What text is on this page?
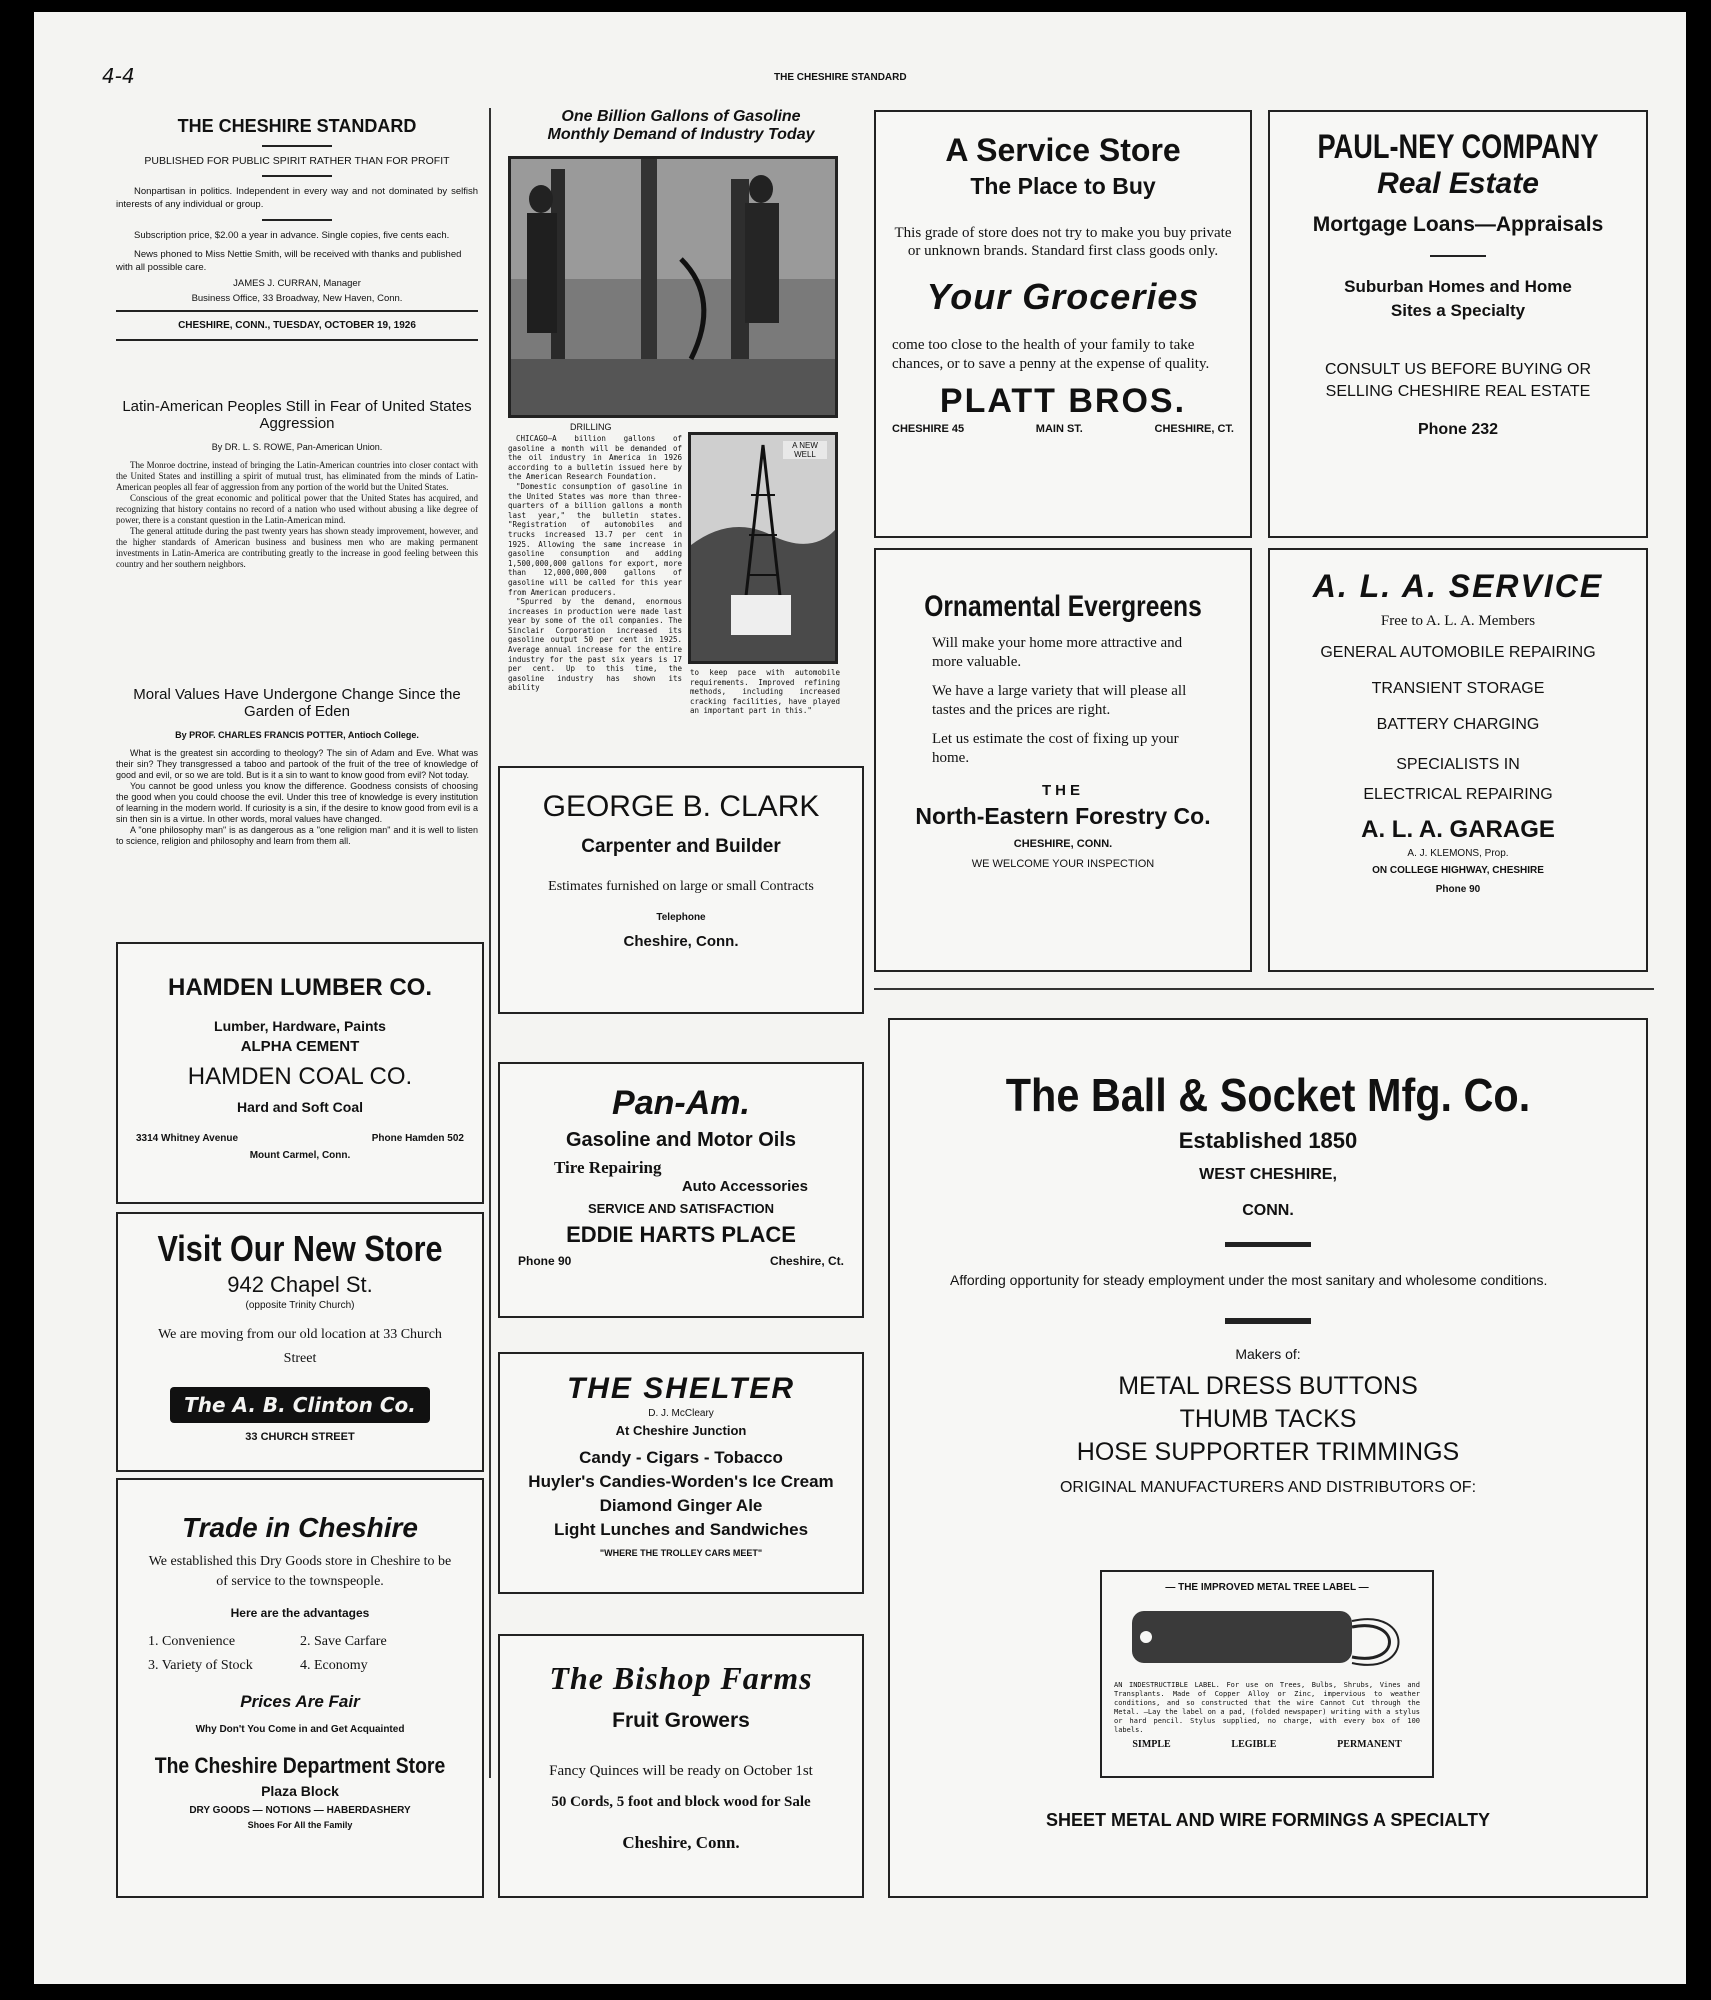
4-4	THE CHESHIRE STANDARD
THE CHESHIRE STANDARD
PUBLISHED FOR PUBLIC SPIRIT RATHER THAN FOR PROFIT

Nonpartisan in politics. Independent in every way and not dominated by selfish interests of any individual or group.

Subscription price, $2.00 a year in advance. Single copies, five cents each.

News phoned to Miss Nettie Smith, will be received with thanks and published with all possible care.

JAMES J. CURRAN, Manager
Business Office, 33 Broadway, New Haven, Conn.
CHESHIRE, CONN., TUESDAY, OCTOBER 19, 1926
Latin-American Peoples Still in Fear of United States Aggression
By DR. L. S. ROWE, Pan-American Union.

The Monroe doctrine, instead of bringing the Latin-American countries into closer contact with the United States and instilling a spirit of mutual trust, has eliminated from the minds of Latin-American peoples all fear of aggression from any portion of the world but the United States.

Conscious of the great economic and political power that the United States has acquired, and recognizing that history contains no record of a nation who used without abusing a like degree of power, there is a constant question in the Latin-American mind.

The general attitude during the past twenty years has shown steady improvement, however, and the higher standards of American business and business men who are making permanent investments in Latin-America are contributing greatly to the increase in good feeling between this country and her southern neighbors.

Moral Values Have Undergone Change Since the Garden of Eden
By PROF. CHARLES FRANCIS POTTER, Antioch College.

What is the greatest sin according to theology? The sin of Adam and Eve. What was their sin? They transgressed a taboo and partook of the fruit of the tree of knowledge of good and evil, or so we are told. But is it a sin to want to know good from evil? Not today.

You cannot be good unless you know the difference. Goodness consists of choosing the good when you could choose the evil. Under this tree of knowledge is every institution of learning in the modern world. If curiosity is a sin, if the desire to know good from evil is a sin then sin is a virtue. In other words, moral values have changed.

A "one philosophy man" is as dangerous as a "one religion man" and it is well to listen to science, religion and philosophy and learn from them all.

HAMDEN LUMBER CO.
Lumber, Hardware, Paints
ALPHA CEMENT
HAMDEN COAL CO.
Hard and Soft Coal
3314 Whitney Avenue	Phone Hamden 502
Mount Carmel, Conn.
Visit Our New Store
942 Chapel St.
(opposite Trinity Church)
We are moving from our old location at 33 Church Street
The A. B. Clinton Co.
33 CHURCH STREET
Trade in Cheshire
We established this Dry Goods store in Cheshire to be of service to the townspeople.
Here are the advantages
1. Convenience	2. Save Carfare
3. Variety of Stock	4. Economy
Prices Are Fair
Why Don't You Come in and Get Acquainted
The Cheshire Department Store
Plaza Block
DRY GOODS — NOTIONS — HABERDASHERY
Shoes For All the Family
One Billion Gallons of Gasoline
Monthly Demand of Industry Today
DRILLING
A NEW WELL

CHICAGO—A billion gallons of gasoline a month will be demanded of the oil industry in America in 1926 according to a bulletin issued here by the American Research Foundation.

"Domestic consumption of gasoline in the United States was more than three-quarters of a billion gallons a month last year," the bulletin states. "Registration of automobiles and trucks increased 13.7 per cent in 1925. Allowing the same increase in gasoline consumption and adding 1,500,000,000 gallons for export, more than 12,000,000,000 gallons of gasoline will be called for this year from American producers.

"Spurred by the demand, enormous increases in production were made last year by some of the oil companies. The Sinclair Corporation increased its gasoline output 50 per cent in 1925. Average annual increase for the entire industry for the past six years is 17 per cent. Up to this time, the gasoline industry has shown its ability

to keep pace with automobile requirements. Improved refining methods, including increased cracking facilities, have played an important part in this."
GEORGE B. CLARK
Carpenter and Builder
Estimates furnished on large or small Contracts
Telephone
Cheshire, Conn.
Pan-Am.
Gasoline and Motor Oils
Tire Repairing
Auto Accessories
SERVICE AND SATISFACTION
EDDIE HARTS PLACE
Phone 90	Cheshire, Ct.
THE SHELTER
D. J. McCleary
At Cheshire Junction
Candy - Cigars - Tobacco
Huyler's Candies-Worden's Ice Cream
Diamond Ginger Ale
Light Lunches and Sandwiches
"WHERE THE TROLLEY CARS MEET"
The Bishop Farms
Fruit Growers
Fancy Quinces will be ready on October 1st
50 Cords, 5 foot and block wood for Sale
Cheshire, Conn.
A Service Store
The Place to Buy
This grade of store does not try to make you buy private or unknown brands. Standard first class goods only.
Your Groceries
come too close to the health of your family to take chances, or to save a penny at the expense of quality.
PLATT BROS.
CHESHIRE 45	MAIN ST.	CHESHIRE, CT.
PAUL-NEY COMPANY
Real Estate
Mortgage Loans—Appraisals
Suburban Homes and Home Sites a Specialty
CONSULT US BEFORE BUYING OR SELLING CHESHIRE REAL ESTATE
Phone 232
Ornamental Evergreens
Will make your home more attractive and more valuable.
We have a large variety that will please all tastes and the prices are right.
Let us estimate the cost of fixing up your home.
THE
North-Eastern Forestry Co.
CHESHIRE, CONN.
WE WELCOME YOUR INSPECTION
A. L. A. SERVICE
Free to A. L. A. Members
GENERAL AUTOMOBILE REPAIRING
TRANSIENT STORAGE
BATTERY CHARGING
SPECIALISTS IN ELECTRICAL REPAIRING
A. L. A. GARAGE
A. J. KLEMONS, Prop.
ON COLLEGE HIGHWAY, CHESHIRE
Phone 90
The Ball & Socket Mfg. Co.
Established 1850
WEST CHESHIRE,
CONN.
Affording opportunity for steady employment under the most sanitary and wholesome conditions.
Makers of:
METAL DRESS BUTTONS
THUMB TACKS
HOSE SUPPORTER TRIMMINGS
ORIGINAL MANUFACTURERS AND DISTRIBUTORS OF:
— THE IMPROVED METAL TREE LABEL —
AN INDESTRUCTIBLE LABEL. For use on Trees, Bulbs, Shrubs, Vines and Transplants. Made of Copper Alloy or Zinc, impervious to weather conditions, and so constructed that the wire Cannot Cut through the Metal. —Lay the label on a pad, (folded newspaper) writing with a stylus or hard pencil. Stylus supplied, no charge, with every box of 100 labels.
SIMPLE	LEGIBLE	PERMANENT
SHEET METAL AND WIRE FORMINGS A SPECIALTY
